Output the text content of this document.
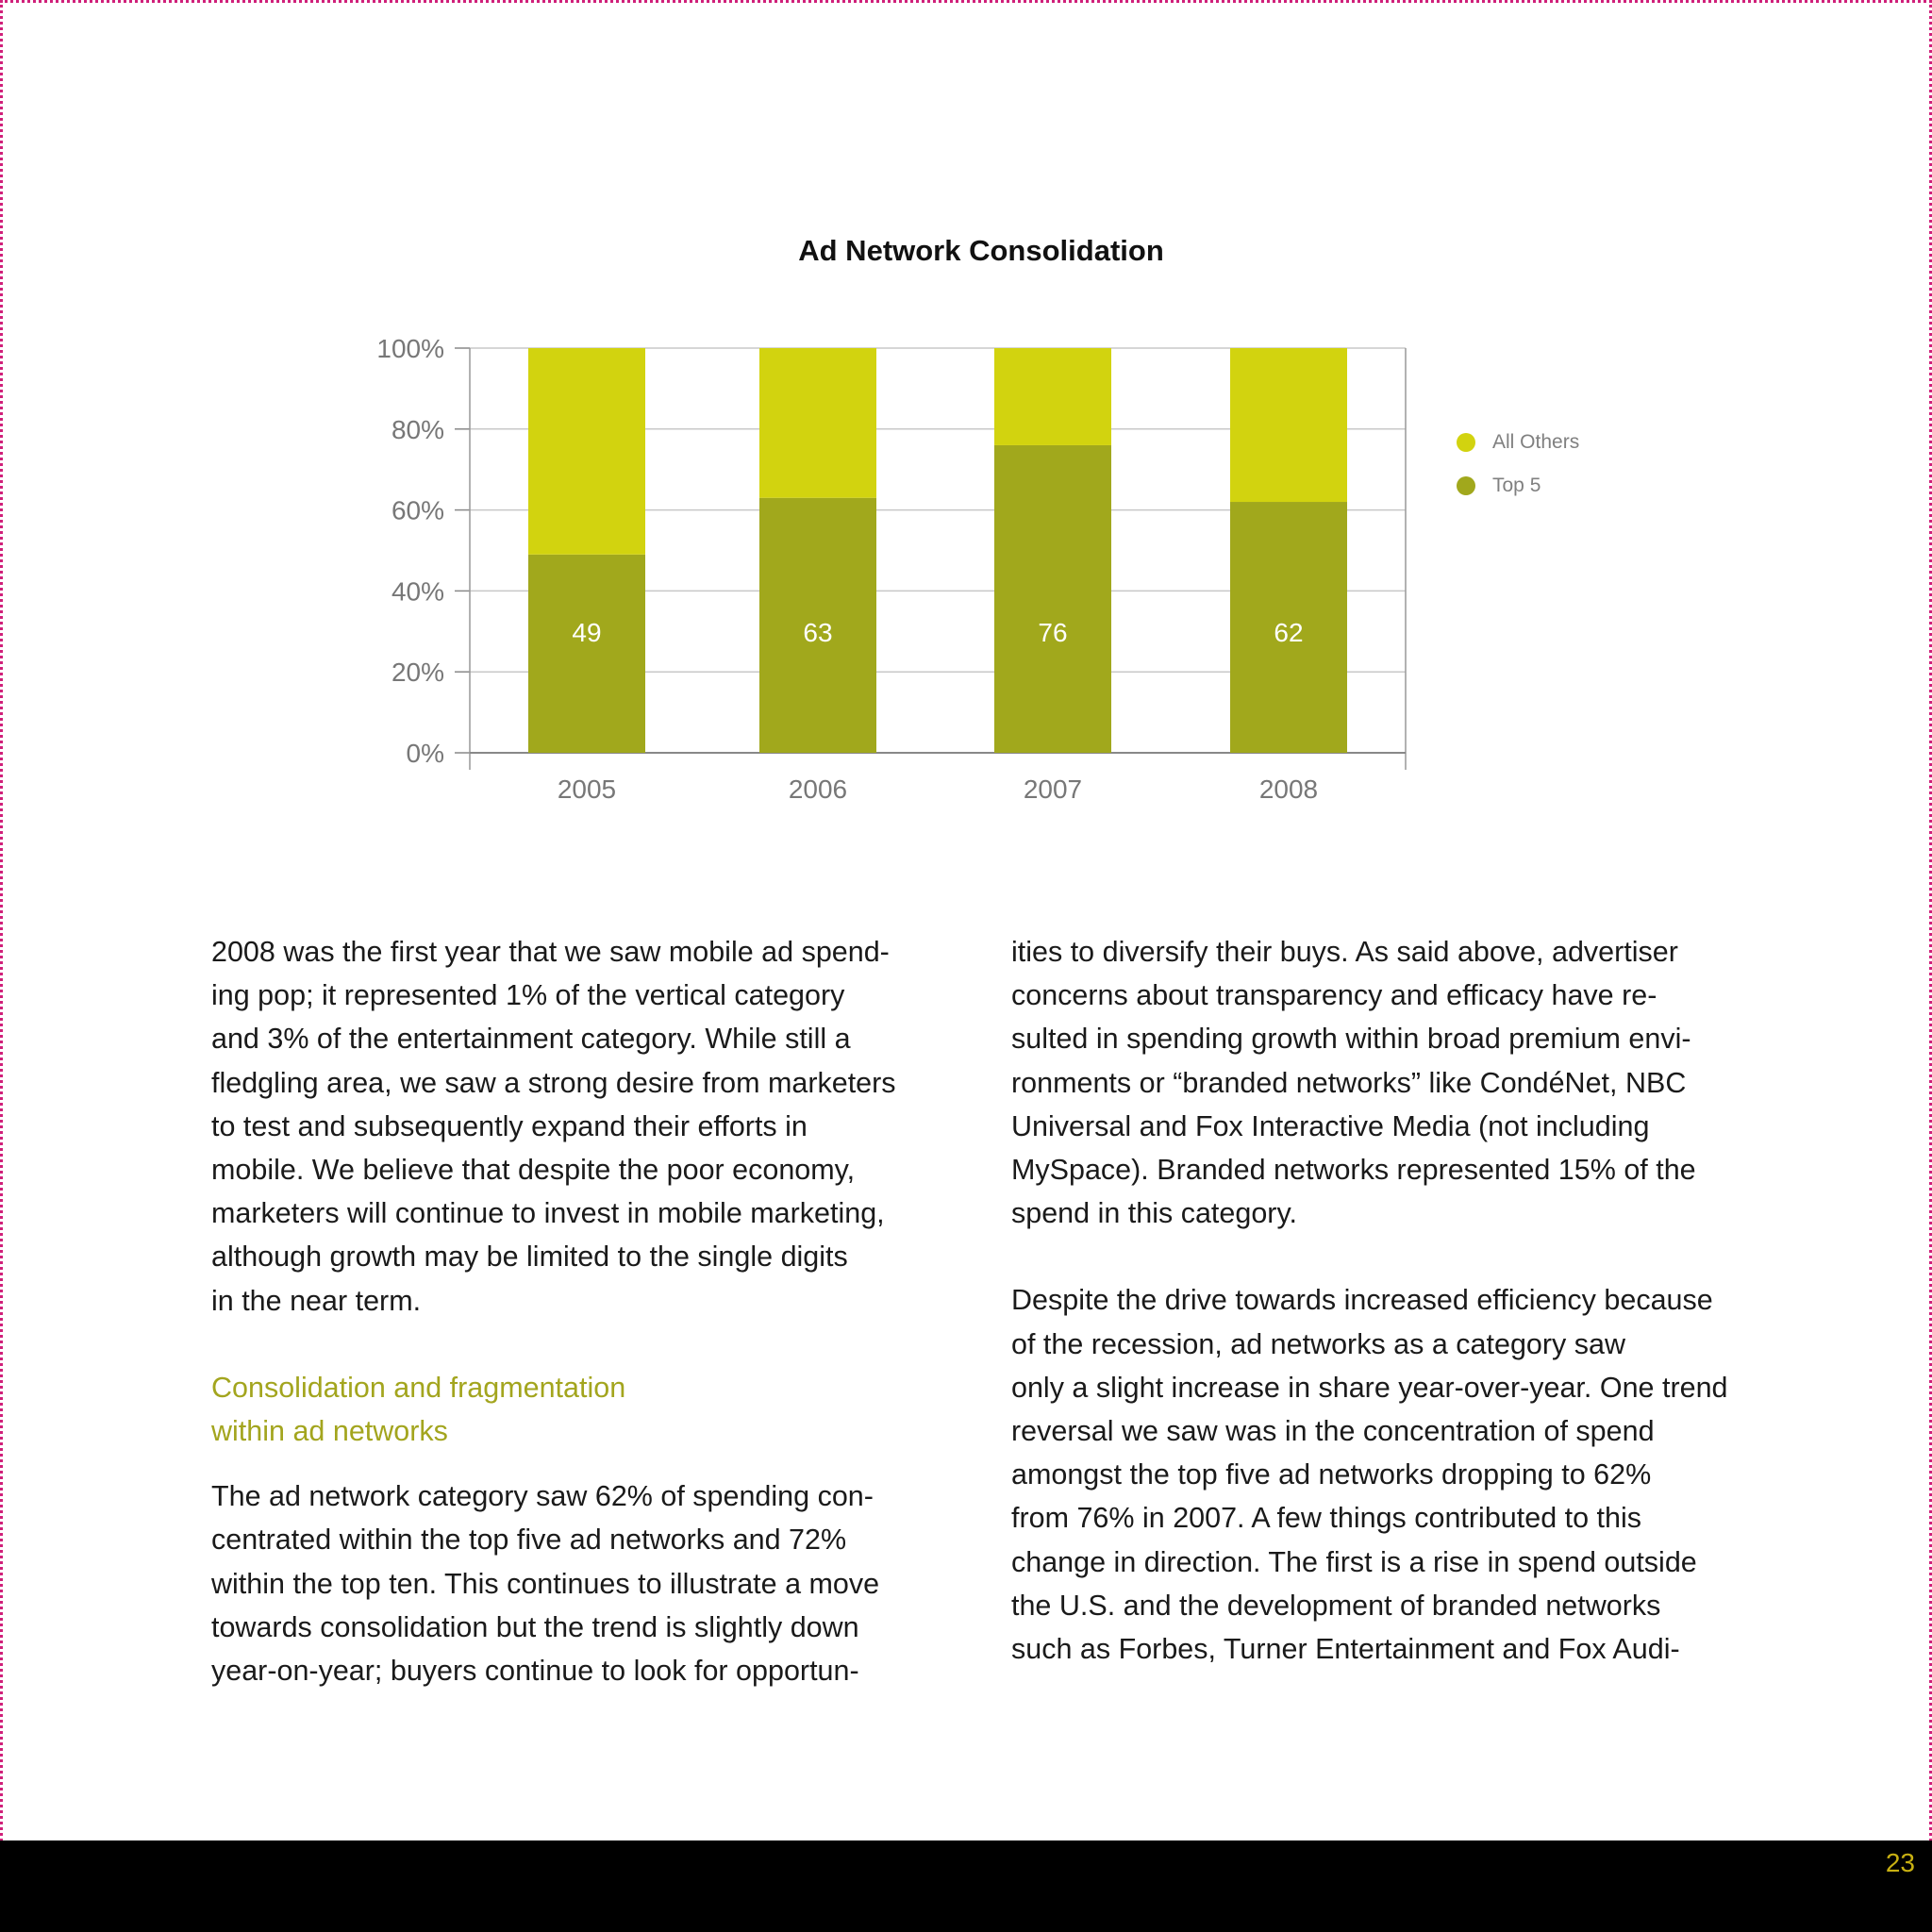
Ad Network Consolidation
0%
20%
40%
60%
80%
100%
49
2005
63
2006
76
2007
62
2008
All Others
Top 5

2008 was the first year that we saw mobile ad spend-
ing pop; it represented 1% of the vertical category
and 3% of the entertainment category. While still a
fledgling area, we saw a strong desire from marketers
to test and subsequently expand their efforts in
mobile. We believe that despite the poor economy,
marketers will continue to invest in mobile marketing,
although growth may be limited to the single digits
in the near term.

Consolidation and fragmentation
within ad networks

The ad network category saw 62% of spending con-
centrated within the top five ad networks and 72%
within the top ten. This continues to illustrate a move
towards consolidation but the trend is slightly down
year-on-year; buyers continue to look for opportun-

ities to diversify their buys. As said above, advertiser
concerns about transparency and efficacy have re-
sulted in spending growth within broad premium envi-
ronments or “branded networks” like CondéNet, NBC
Universal and Fox Interactive Media (not including
MySpace). Branded networks represented 15% of the
spend in this category.

Despite the drive towards increased efficiency because
of the recession, ad networks as a category saw
only a slight increase in share year-over-year. One trend
reversal we saw was in the concentration of spend
amongst the top five ad networks dropping to 62%
from 76% in 2007. A few things contributed to this
change in direction. The first is a rise in spend outside
the U.S. and the development of branded networks
such as Forbes, Turner Entertainment and Fox Audi-

23
